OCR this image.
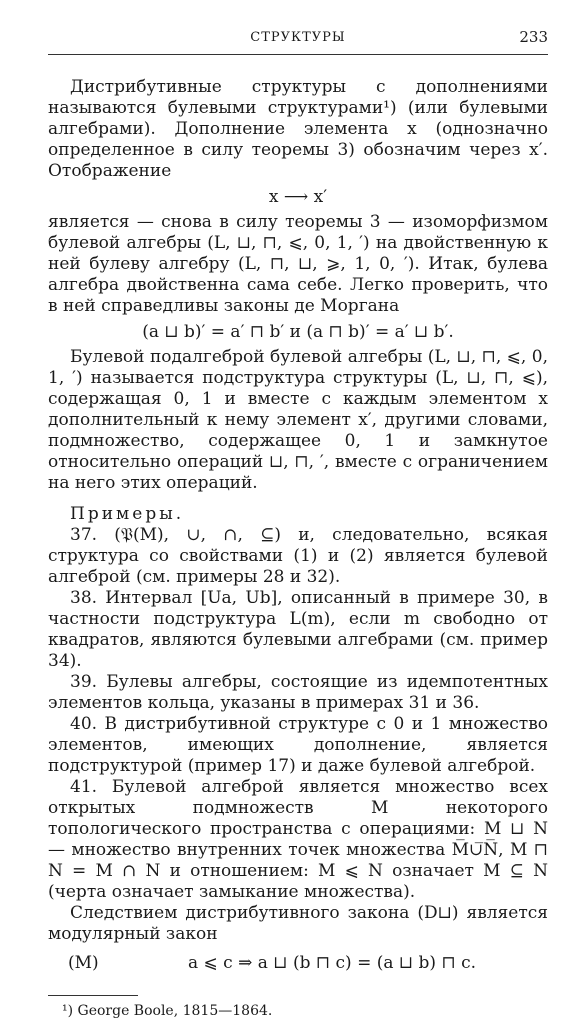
СТРУКТУРЫ	233

Дистрибутивные структуры с дополнениями называются булевыми структурами¹) (или булевыми алгебрами). Дополнение элемента x (однозначно определенное в силу теоремы 3) обозначим через x′. Отображение

x ⟶ x′

является — снова в силу теоремы 3 — изоморфизмом булевой алгебры (L, ⊔, ⊓, ⩽, 0, 1, ′) на двойственную к ней булеву алгебру (L, ⊓, ⊔, ⩾, 1, 0, ′). Итак, булева алгебра двойственна сама себе. Легко проверить, что в ней справедливы законы де Моргана

(a ⊔ b)′ = a′ ⊓ b′ и (a ⊓ b)′ = a′ ⊔ b′.

Булевой подалгеброй булевой алгебры (L, ⊔, ⊓, ⩽, 0, 1, ′) называется подструктура структуры (L, ⊔, ⊓, ⩽), содержащая 0, 1 и вместе с каждым элементом x дополнительный к нему элемент x′, другими словами, подмножество, содержащее 0, 1 и замкнутое относительно операций ⊔, ⊓, ′, вместе с ограничением на него этих операций.

Примеры.

37. (𝔓(M), ∪, ∩, ⊆) и, следовательно, всякая структура со свойствами (1) и (2) является булевой алгеброй (см. примеры 28 и 32).

38. Интервал [Ua, Ub], описанный в примере 30, в частности подструктура L(m), если m свободно от квадратов, являются булевыми алгебрами (см. пример 34).

39. Булевы алгебры, состоящие из идемпотентных элементов кольца, указаны в примерах 31 и 36.

40. В дистрибутивной структуре с 0 и 1 множество элементов, имеющих дополнение, является подструктурой (пример 17) и даже булевой алгеброй.

41. Булевой алгеброй является множество всех открытых подмножеств M некоторого топологического пространства с операциями: M ⊔ N — множество внутренних точек множества M̅∪̅N̅, M ⊓ N = M ∩ N и отношением: M ⩽ N означает M ⊆ N (черта означает замыкание множества).

Следствием дистрибутивного закона (D⊔) является модулярный закон

(M)	a ⩽ c ⇒ a ⊔ (b ⊓ c) = (a ⊔ b) ⊓ c.

¹) George Boole, 1815—1864.
